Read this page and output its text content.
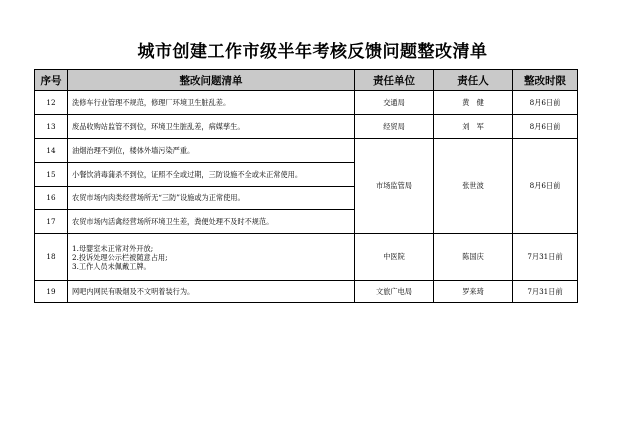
城市创建工作市级半年考核反馈问题整改清单
序号	整改问题清单	责任单位	责任人	整改时限
12	洗修车行业管理不规范，修理厂环境卫生脏乱差。	交通局	黄　健	8月6日前
13	废品收购站监管不到位，环境卫生脏乱差，病媒孳生。	经贸局	刘　军	8月6日前
14	油烟治理不到位，楼体外墙污染严重。	市场监管局	张世波	8月6日前
15	小餐饮消毒蒲杀不到位，证照不全或过期，三防设施不全或未正常使用。			
16	农贸市场内肉类经营场所无“三防”设施或为正常使用。			
17	农贸市场内活禽经营场所环境卫生差，粪便处理不及时不规范。			
18	1.母婴室未正常对外开放;
2.投诉处理公示栏被随意占用;
3.工作人员未佩戴工牌。	中医院	陈国庆	7月31日前
19	网吧内网民有吸烟及不文明着装行为。	文旅广电局	罗来琦	7月31日前
